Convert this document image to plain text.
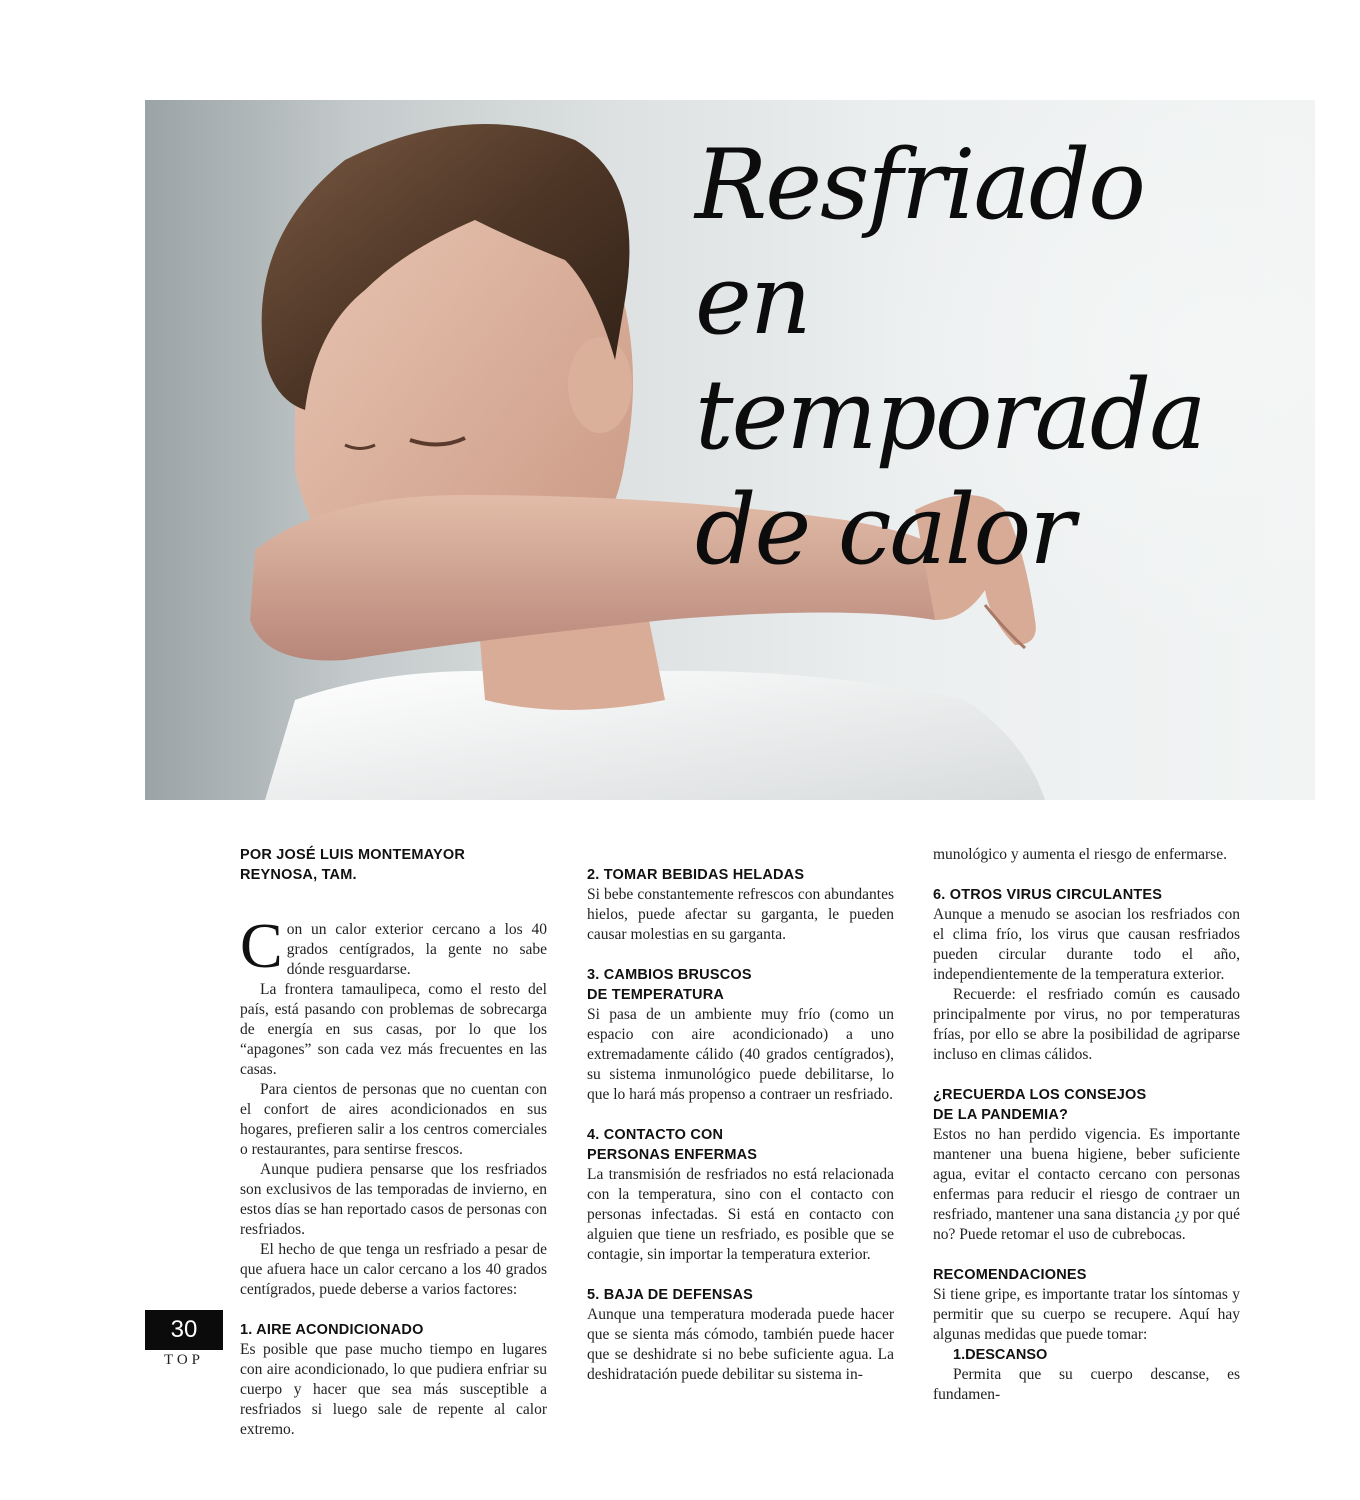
Resfriado
en temporada
de calor
POR JOSÉ LUIS MONTEMAYOR
REYNOSA, TAM.

Con un calor exterior cercano a los 40 grados centígrados, la gente no sabe dónde resguardarse.

La frontera tamaulipeca, como el resto del país, está pasando con problemas de sobrecarga de energía en sus casas, por lo que los “apagones” son cada vez más frecuentes en las casas.

Para cientos de personas que no cuentan con el confort de aires acondicionados en sus hogares, prefieren salir a los centros comerciales o restaurantes, para sentirse frescos.

Aunque pudiera pensarse que los resfriados son exclusivos de las temporadas de invierno, en estos días se han reportado casos de personas con resfriados.

El hecho de que tenga un resfriado a pesar de que afuera hace un calor cercano a los 40 grados centígrados, puede deberse a varios factores:

1. AIRE ACONDICIONADO

Es posible que pase mucho tiempo en lugares con aire acondicionado, lo que pudiera enfriar su cuerpo y hacer que sea más susceptible a resfriados si luego sale de repente al calor extremo.

2. TOMAR BEBIDAS HELADAS

Si bebe constantemente refrescos con abundantes hielos, puede afectar su garganta, le pueden causar molestias en su garganta.

3. CAMBIOS BRUSCOS
DE TEMPERATURA

Si pasa de un ambiente muy frío (como un espacio con aire acondicionado) a uno extremadamente cálido (40 grados centígrados), su sistema inmunológico puede debilitarse, lo que lo hará más propenso a contraer un resfriado.

4. CONTACTO CON
PERSONAS ENFERMAS

La transmisión de resfriados no está relacionada con la temperatura, sino con el contacto con personas infectadas. Si está en contacto con alguien que tiene un resfriado, es posible que se contagie, sin importar la temperatura exterior.

5. BAJA DE DEFENSAS

Aunque una temperatura moderada puede hacer que se sienta más cómodo, también puede hacer que se deshidrate si no bebe suficiente agua. La deshidratación puede debilitar su sistema in-

munológico y aumenta el riesgo de enfermarse.

6. OTROS VIRUS CIRCULANTES

Aunque a menudo se asocian los resfriados con el clima frío, los virus que causan resfriados pueden circular durante todo el año, independientemente de la temperatura exterior.

Recuerde: el resfriado común es causado principalmente por virus, no por temperaturas frías, por ello se abre la posibilidad de agriparse incluso en climas cálidos.

¿RECUERDA LOS CONSEJOS
DE LA PANDEMIA?

Estos no han perdido vigencia. Es importante mantener una buena higiene, beber suficiente agua, evitar el contacto cercano con personas enfermas para reducir el riesgo de contraer un resfriado, mantener una sana distancia ¿y por qué no? Puede retomar el uso de cubrebocas.

RECOMENDACIONES

Si tiene gripe, es importante tratar los síntomas y permitir que su cuerpo se recupere. Aquí hay algunas medidas que puede tomar:

1.DESCANSO

Permita que su cuerpo descanse, es fundamen-

30
TOP
